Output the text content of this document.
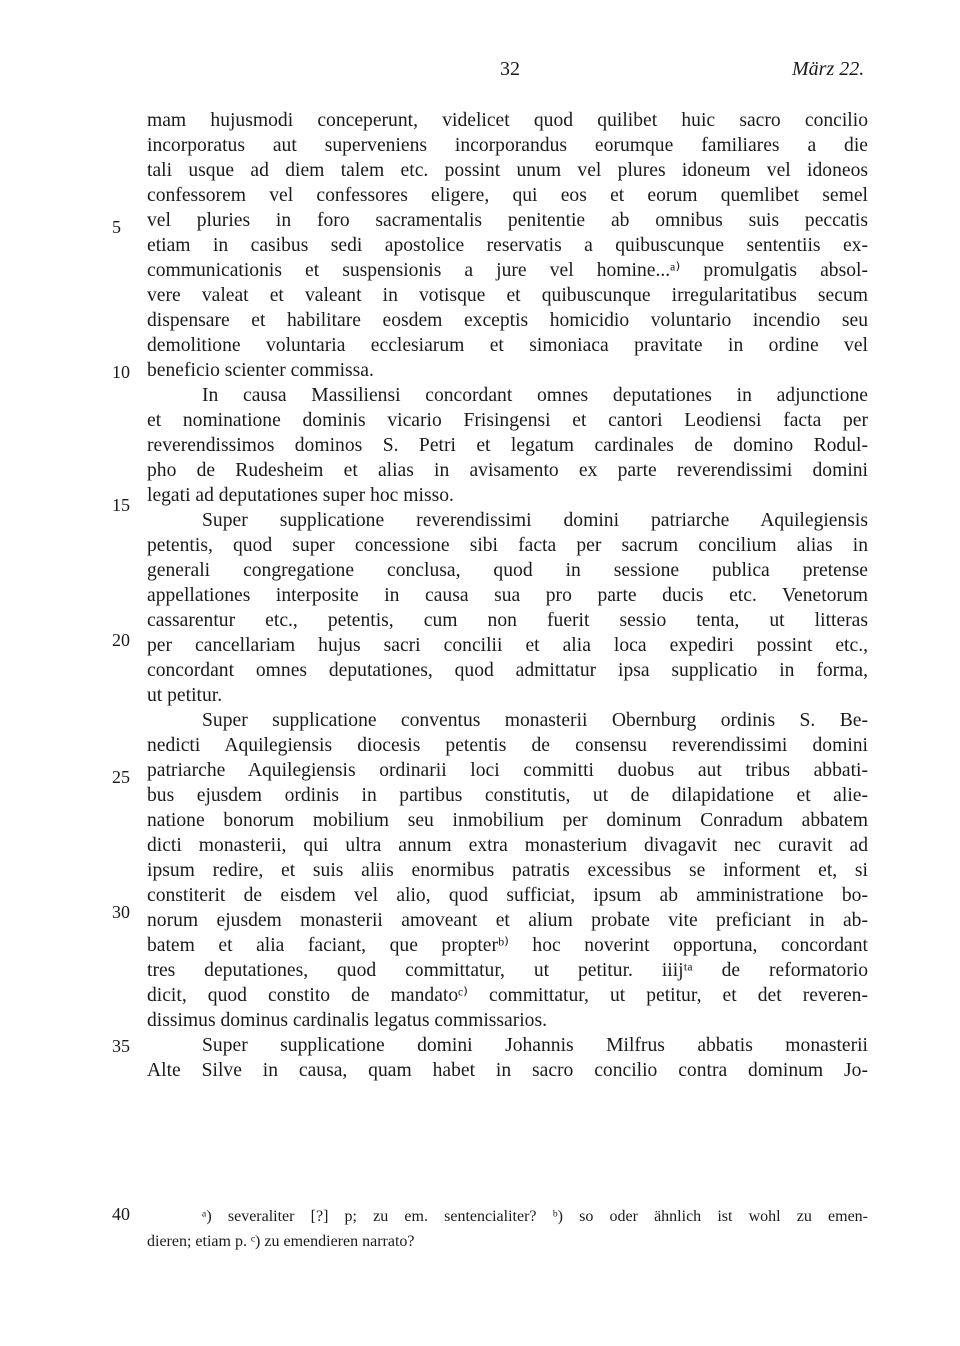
32	März 22.
5
10
15
20
25
30
35
40
mam hujusmodi conceperunt, videlicet quod quilibet huic sacro concilio
incorporatus aut superveniens incorporandus eorumque familiares a die
tali usque ad diem talem etc. possint unum vel plures idoneum vel idoneos
confessorem vel confessores eligere, qui eos et eorum quemlibet semel
vel pluries in foro sacramentalis penitentie ab omnibus suis peccatis
etiam in casibus sedi apostolice reservatis a quibuscunque sententiis ex-
communicationis et suspensionis a jure vel homine...ᵃ⁾ promulgatis absol-
vere valeat et valeant in votisque et quibuscunque irregularitatibus secum
dispensare et habilitare eosdem exceptis homicidio voluntario incendio seu
demolitione voluntaria ecclesiarum et simoniaca pravitate in ordine vel
beneficio scienter commissa.
In causa Massiliensi concordant omnes deputationes in adjunctione
et nominatione dominis vicario Frisingensi et cantori Leodiensi facta per
reverendissimos dominos S. Petri et legatum cardinales de domino Rodul-
pho de Rudesheim et alias in avisamento ex parte reverendissimi domini
legati ad deputationes super hoc misso.
Super supplicatione reverendissimi domini patriarche Aquilegiensis
petentis, quod super concessione sibi facta per sacrum concilium alias in
generali congregatione conclusa, quod in sessione publica pretense
appellationes interposite in causa sua pro parte ducis etc. Venetorum
cassarentur etc., petentis, cum non fuerit sessio tenta, ut litteras
per cancellariam hujus sacri concilii et alia loca expediri possint etc.,
concordant omnes deputationes, quod admittatur ipsa supplicatio in forma,
ut petitur.
Super supplicatione conventus monasterii Obernburg ordinis S. Be-
nedicti Aquilegiensis diocesis petentis de consensu reverendissimi domini
patriarche Aquilegiensis ordinarii loci committi duobus aut tribus abbati-
bus ejusdem ordinis in partibus constitutis, ut de dilapidatione et alie-
natione bonorum mobilium seu inmobilium per dominum Conradum abbatem
dicti monasterii, qui ultra annum extra monasterium divagavit nec curavit ad
ipsum redire, et suis aliis enormibus patratis excessibus se informent et, si
constiterit de eisdem vel alio, quod sufficiat, ipsum ab amministratione bo-
norum ejusdem monasterii amoveant et alium probate vite preficiant in ab-
batem et alia faciant, que propterᵇ⁾ hoc noverint opportuna, concordant
tres deputationes, quod committatur, ut petitur. iiijᵗᵃ de reformatorio
dicit, quod constito de mandatoᶜ⁾ committatur, ut petitur, et det reveren-
dissimus dominus cardinalis legatus commissarios.
Super supplicatione domini Johannis Milfrus abbatis monasterii
Alte Silve in causa, quam habet in sacro concilio contra dominum Jo-
ᵃ) severaliter [?] p; zu em. sentencialiter? ᵇ) so oder ähnlich ist wohl zu emen-
dieren; etiam p. ᶜ) zu emendieren narrato?
